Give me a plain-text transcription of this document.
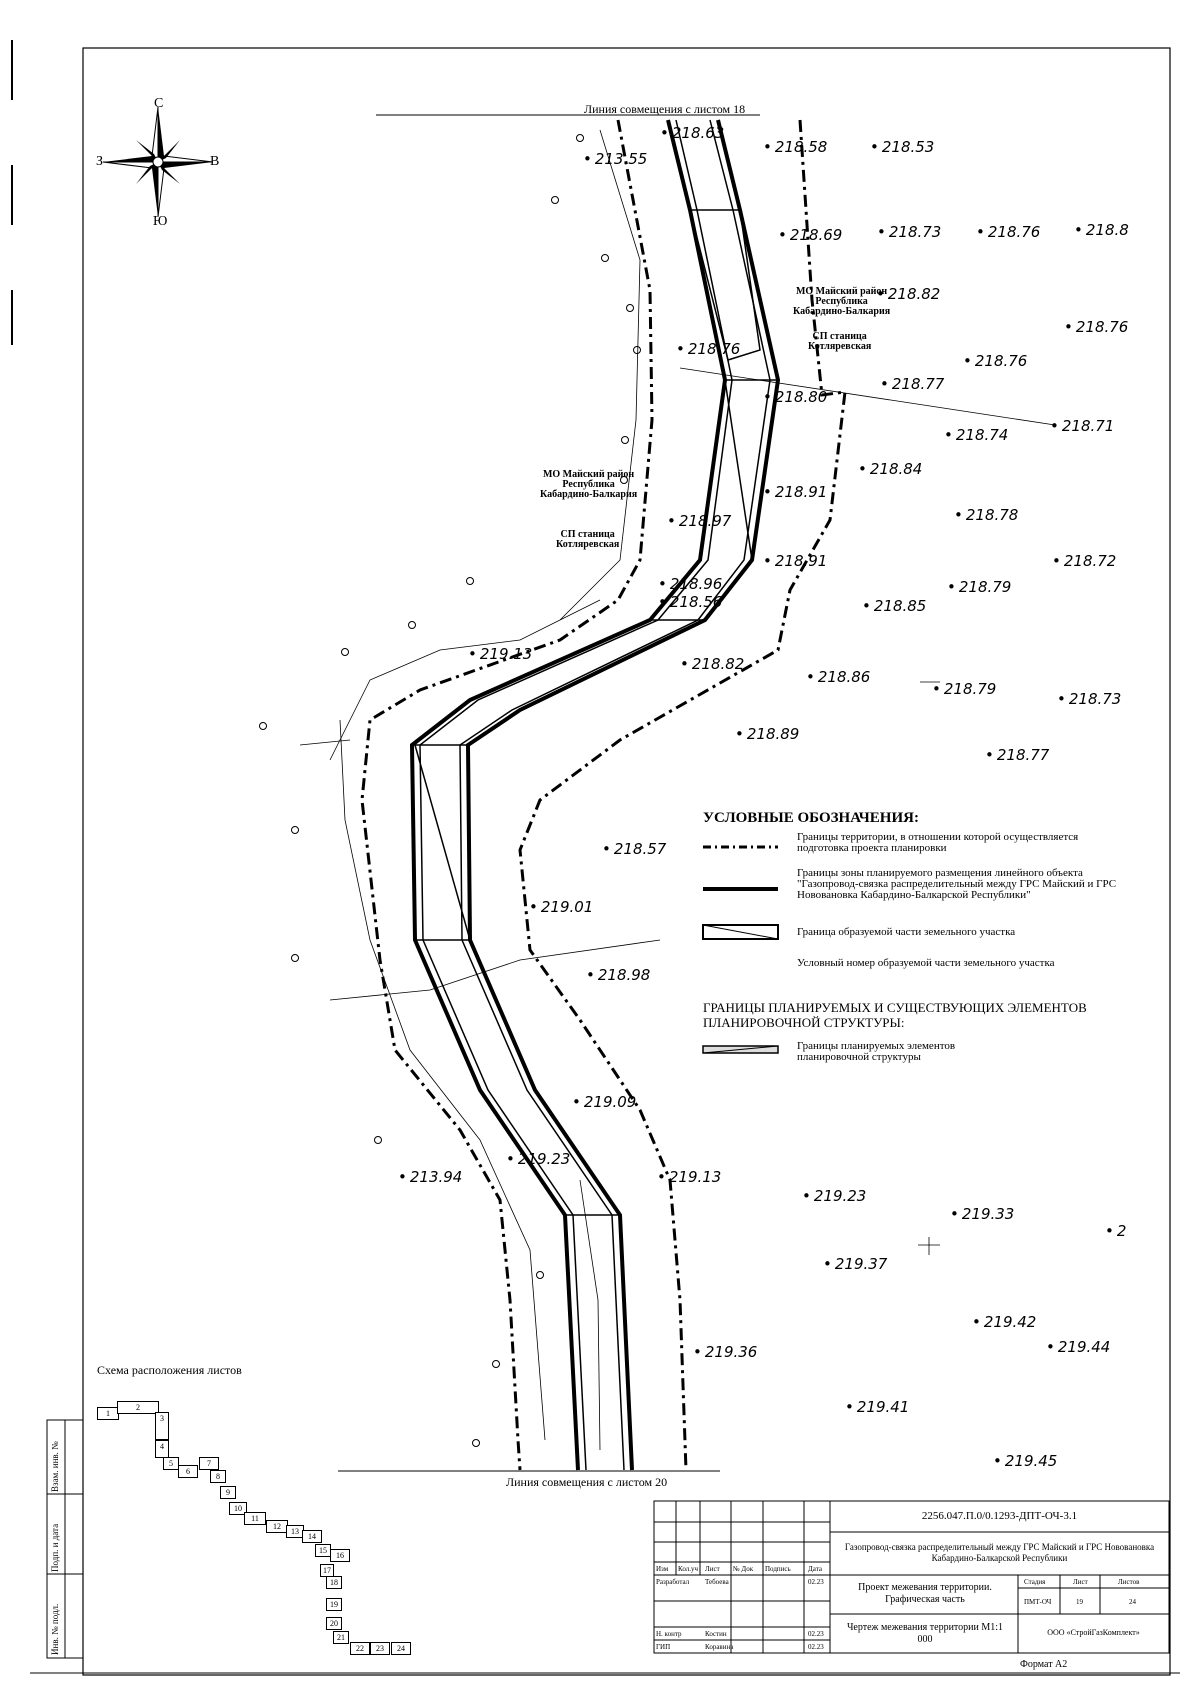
Линия совмещения с листом 18
Линия совмещения с листом 20
С
Ю
З	В
МО Майский район
Республика
Кабардино-Балкария
СП станица
Котляревская
МО Майский район
Республика
Кабардино-Балкария
СП станица
Котляревская
• 218.58	• 218.53
• 218.69	• 218.73	• 218.76	• 218.8
• 218.82
• 218.76
• 218.76
• 218.77
• 218.71
• 218.74
• 218.80
• 218.84
• 218.91
• 218.78
• 218.91	• 218.72
• 218.79
• 218.85
• 218.82
• 218.86
• 218.79
• 218.73
• 218.89
• 218.77
• 218.57
• 219.01
• 218.98
• 219.09
• 219.13
• 219.23
• 219.33
• 219.37
• 219.42
• 219.44
• 219.36
• 219.41
• 219.45
• 213.55
• 218.63
• 218.76
• 218.96
• 218.56
• 219.13
• 213.94
• 219.23
• 218.97
• 2
УСЛОВНЫЕ ОБОЗНАЧЕНИЯ:
Границы территории, в отношении которой осуществляется подготовка проекта планировки
Границы зоны планируемого размещения линейного объекта "Газопровод-связка распределительный между ГРС Майский и ГРС Нововановка Кабардино-Балкарской Республики"
Граница образуемой части земельного участка
Условный номер образуемой части земельного участка
ГРАНИЦЫ ПЛАНИРУЕМЫХ И СУЩЕСТВУЮЩИХ ЭЛЕМЕНТОВ ПЛАНИРОВОЧНОЙ СТРУКТУРЫ:
Границы планируемых элементов планировочной структуры
Схема расположения листов
1
2
3
4
5
6
7
8
9
10
11
12
13
14
15
16
17
18
19
20
21
22	23	24
Инв. № подл.
Подп. и дата
Взам. инв. №
2256.047.П.0/0.1293-ДПТ-ОЧ-3.1
Газопровод-связка распределительный между ГРС Майский и ГРС Нововановка Кабардино-Балкарской Республики
Изм Кол.уч Лист № Док Подпись Дата
Разработал Тебоева	02.23
Н. контр	Костин	02.23
ГИП	Коравина	02.23
Проект межевания территории. Графическая часть
Стадия	Лист	Листов
ПМТ-ОЧ	19	24
Чертеж межевания территории М1:1 000
ООО «СтройГазКомплект»
Формат А2
